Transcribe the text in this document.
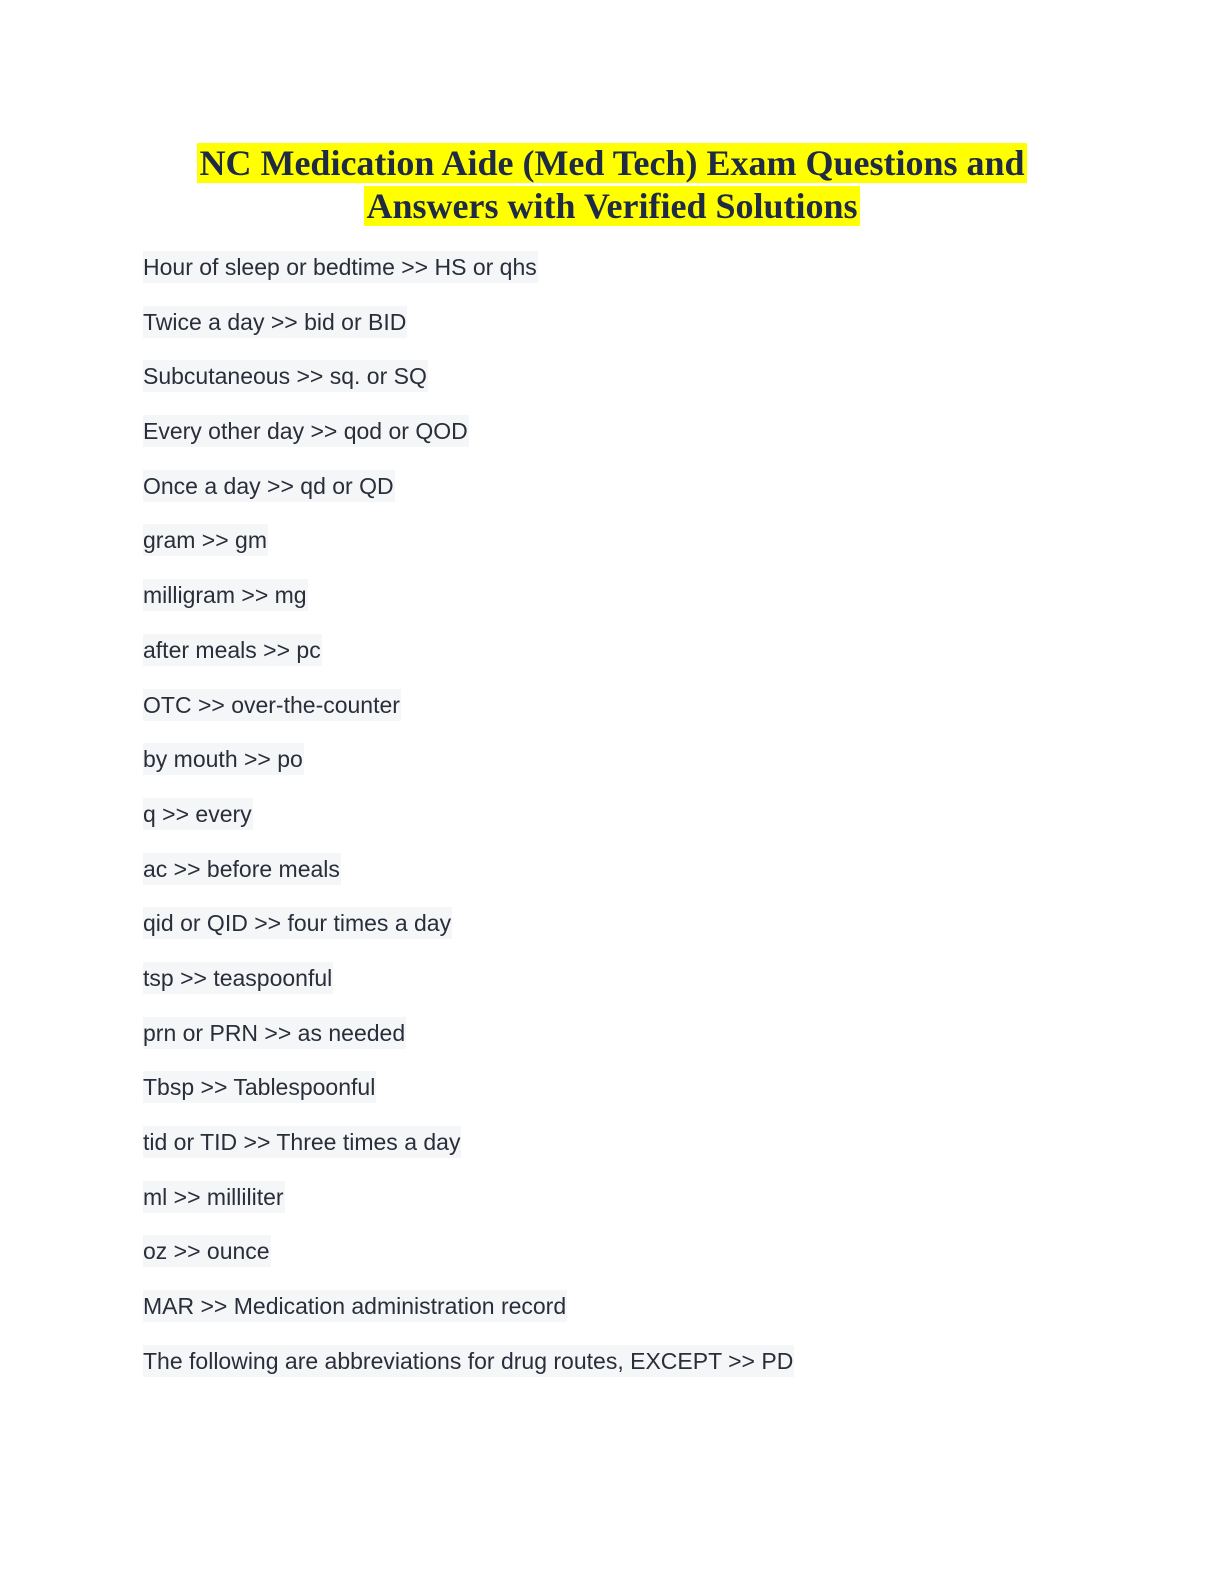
NC Medication Aide (Med Tech) Exam Questions and
Answers with Verified Solutions
Hour of sleep or bedtime >> HS or qhs
Twice a day >> bid or BID
Subcutaneous >> sq. or SQ
Every other day >> qod or QOD
Once a day >> qd or QD
gram >> gm
milligram >> mg
after meals >> pc
OTC >> over-the-counter
by mouth >> po
q >> every
ac >> before meals
qid or QID >> four times a day
tsp >> teaspoonful
prn or PRN >> as needed
Tbsp >> Tablespoonful
tid or TID >> Three times a day
ml >> milliliter
oz >> ounce
MAR >> Medication administration record
The following are abbreviations for drug routes, EXCEPT >> PD
